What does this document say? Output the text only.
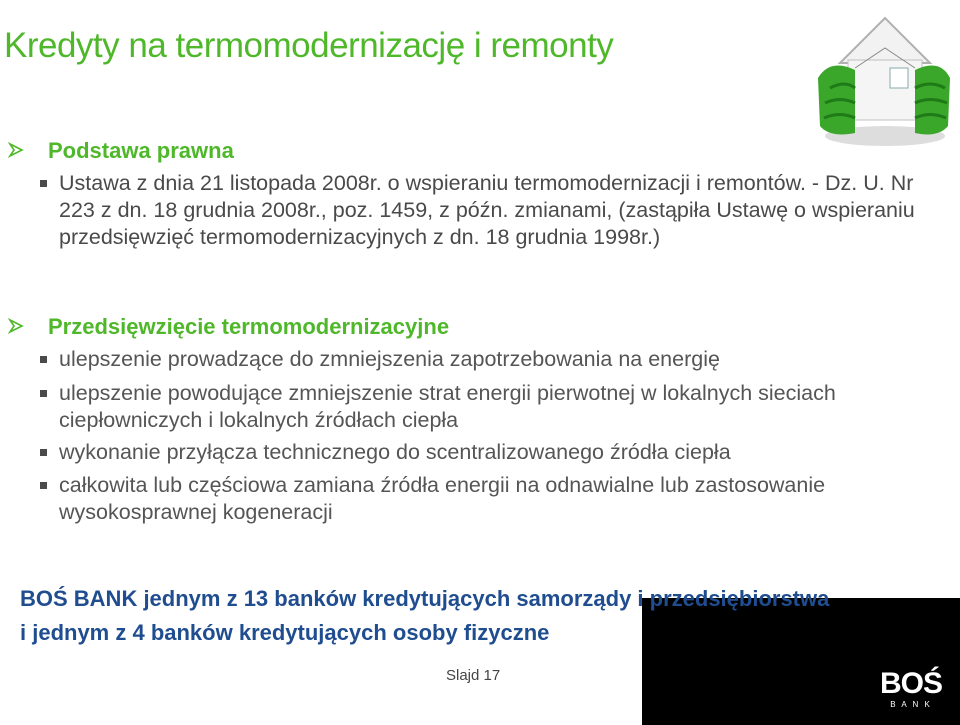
Kredyty na termomodernizację i remonty
Podstawa prawna
Ustawa z dnia 21 listopada 2008r. o wspieraniu termomodernizacji i remontów. - Dz. U. Nr 223 z dn. 18 grudnia 2008r., poz. 1459, z późn. zmianami, (zastąpiła Ustawę o wspieraniu przedsięwzięć termomodernizacyjnych z dn. 18 grudnia 1998r.)
Przedsięwzięcie termomodernizacyjne
ulepszenie prowadzące do zmniejszenia zapotrzebowania na energię
ulepszenie powodujące zmniejszenie strat energii pierwotnej w lokalnych sieciach ciepłowniczych i lokalnych źródłach ciepła
wykonanie przyłącza technicznego do scentralizowanego źródła ciepła
całkowita lub częściowa zamiana źródła energii na odnawialne lub zastosowanie wysokosprawnej kogeneracji
BOŚ BANK jednym z 13 banków kredytujących samorządy i przedsiębiorstwa
i jednym z 4 banków kredytujących osoby fizyczne
Slajd 17	BOŚ
B A N K
